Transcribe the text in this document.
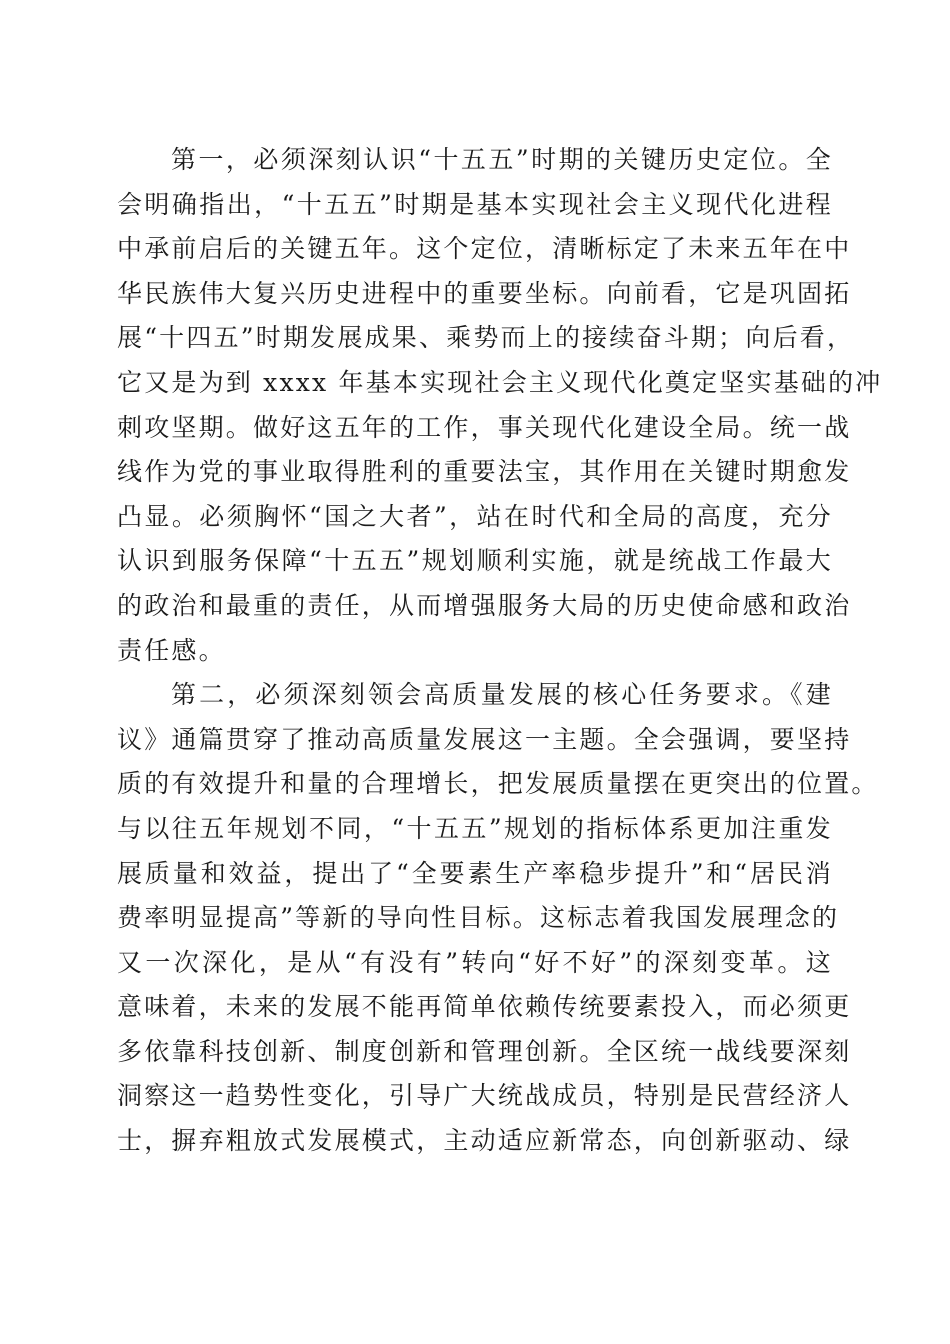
第一，必须深刻认识“十五五”时期的关键历史定位。全
会明确指出，“十五五”时期是基本实现社会主义现代化进程
中承前启后的关键五年。这个定位，清晰标定了未来五年在中
华民族伟大复兴历史进程中的重要坐标。向前看，它是巩固拓
展“十四五”时期发展成果、乘势而上的接续奋斗期；向后看，
它又是为到 xxxx 年基本实现社会主义现代化奠定坚实基础的冲
刺攻坚期。做好这五年的工作，事关现代化建设全局。统一战
线作为党的事业取得胜利的重要法宝，其作用在关键时期愈发
凸显。必须胸怀“国之大者”，站在时代和全局的高度，充分
认识到服务保障“十五五”规划顺利实施，就是统战工作最大
的政治和最重的责任，从而增强服务大局的历史使命感和政治
责任感。
第二，必须深刻领会高质量发展的核心任务要求。《建
议》通篇贯穿了推动高质量发展这一主题。全会强调，要坚持
质的有效提升和量的合理增长，把发展质量摆在更突出的位置。
与以往五年规划不同，“十五五”规划的指标体系更加注重发
展质量和效益，提出了“全要素生产率稳步提升”和“居民消
费率明显提高”等新的导向性目标。这标志着我国发展理念的
又一次深化，是从“有没有”转向“好不好”的深刻变革。这
意味着，未来的发展不能再简单依赖传统要素投入，而必须更
多依靠科技创新、制度创新和管理创新。全区统一战线要深刻
洞察这一趋势性变化，引导广大统战成员，特别是民营经济人
士，摒弃粗放式发展模式，主动适应新常态，向创新驱动、绿
